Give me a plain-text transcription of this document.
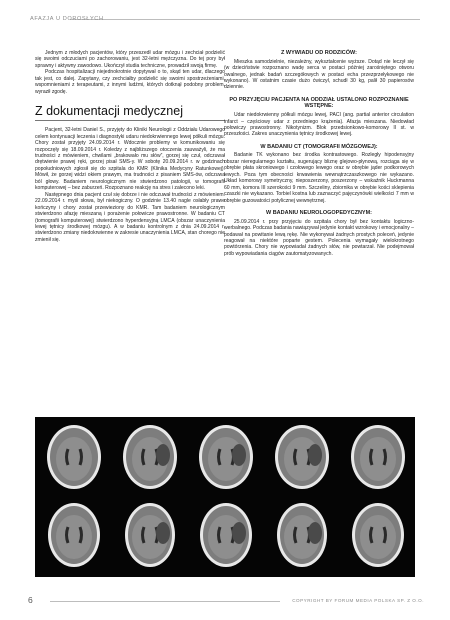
AFAZJA U DOROSŁYCH

Jednym z młodych pacjentów, który przeszedł udar mózgu i zechciał podzielić się swoimi odczuciami po zachorowaniu, jest 32-letni mężczyzna. Do tej pory był sprawny i aktywny zawodowo. Ukończył studia techniczne, prowadził swoją firmę.

Podczas hospitalizacji niejednokrotnie dopytywał o to, skąd ten udar, dlaczego tak jest, co dalej. Zapytany, czy zechciałby podzielić się swoimi spostrzeżeniami, wspomnieniami z terapeutami, z innymi ludźmi, których dotknął podobny problem, wyraził zgodę.

Z dokumentacji medycznej

Pacjent, 32-letni Daniel S., przyjęty do Kliniki Neurologii z Oddziału Udarowego celem kontynuacji leczenia i diagnostyki udaru niedokrwiennego lewej półkuli mózgu. Chory został przyjęty 24.09.2014 r. Wdocznie problemy w komunikowaniu się rozpoczęły się 18.09.2014 r. Koledzy z najbliższego otoczenia zauważyli, że ma trudności z mówieniem, chwilami „brakowało mu słów”, gorzej się czuł, odczuwał drętwienie prawej ręki, gorzej pisał SMS-y. W sobotę 20.09.2014 r. w godzinach popołudniowych zgłosił się do szpitala do KMR (Klinika Medycyny Ratunkowej). Mówił, że gorzej widzi okiem prawym, ma trudności z pisaniem SMS-ów, odczuwa ból głowy. Badaniem neurologicznym nie stwierdzono patologii, w tomografii komputerowej – bez zaburzeń. Rozpoznano reakcję na stres i zalecono leki.

Następnego dnia pacjent czuł się dobrze i nie odczuwał trudności z mówieniem. 22.09.2014 r. myśl słowa, był niekogicznу. O godzinie 13.40 nagle osłabły prawe kończyny i chory został przewieziony do KMR. Tam badaniem neurologicznym stwierdzono afazję mieszaną i porażenie połowicze prawostronne. W badaniu CT (tomografii komputerowej) stwierdzono hyperdensyjną LMCA (obszar unaczynienia lewej tętnicy środkowej mózgu). A w badaniu kontrolnym z dnia 24.09.2014 r. stwierdzono zmiany niedokrwienne w zakresie unaczynienia LMCA, stan chorego nie zmienił się.

Z WYWIADU OD RODZICÓW:

Mieszka samodzielnie, niezależny, wykształcenie wyższe. Dotąd nie leczył się (w dzieciństwie rozpoznano wadę serca w postaci później zarośniętego otworu owalnego, jednak badań szczegółowych w postaci echa przezprzełykowego nie wykonano). W ostatnim czasie dużo ćwiczył, schudł 30 kg, palił 30 papierosów dziennie.

PO PRZYJĘCIU PACJENTA NA ODDZIAŁ USTALONO ROZPOZNANIE WSTĘPNE:

Udar niedokrwienny półkuli mózgu lewej, PACI (ang. partial anterior circulation infarct – częściowy udar z przedniego krążenia). Afazja mieszana. Niedowład połowiczy prawostronny. Nikotynizm. Blok przedsionkowo-komorowy II st. w przeszłości. Zakres unaczynienia tętnicy środkowej lewej.

W BADANIU CT (TOMOGRAFII MÓZGOWEJ):

Badanie TK wykonano bez środka kontrastowego. Rozległy hipodensyjny obszar nieregularnego kształtu, sugerujący bliznę glejowo-płynową, rozciąga się w obrębie płata skroniowego i czołowego lewego oraz w obrębie jąder podkorowych lewych. Poza tym obecności krwawienia wewnątrzczaszkowego nie wykazano. Układ komorowy symetryczny, nieposzerzony, poszerzony – wskaźnik Huckmanna 60 mm, komora III szerokości 9 mm. Szczeliny, zbiornika w obrębie kości sklepienia czaszki nie wykazano. Torbiel kostna lub zaznaczyć pajęczynówki wielkości 7 mm w obrębie guzowatości potylicznej wewnętrznej.

W BADANIU NEUROLOGOPEDYCZNYM:

25.09.2014 r. przy przyjęciu do szpitala chory był bez kontaktu logiczno-werbalnego. Podczas badania nawiązywał jedynie kontakt wzrokowy i emocjonalny – podawał na powitanie lewą rękę. Nie wykonywał żadnych prostych poleceń, jedynie reagował na niektóre poparte gestem. Polecenia wymagały wielokrotnego powtórzenia. Chory nie wypowiadał żadnych słów, nie powtarzał. Nie podejmował prób wypowiadania ciągów zautomatyzowanych.

6	COPYRIGHT BY FORUM MEDIA POLSKA SP. Z O.O.
